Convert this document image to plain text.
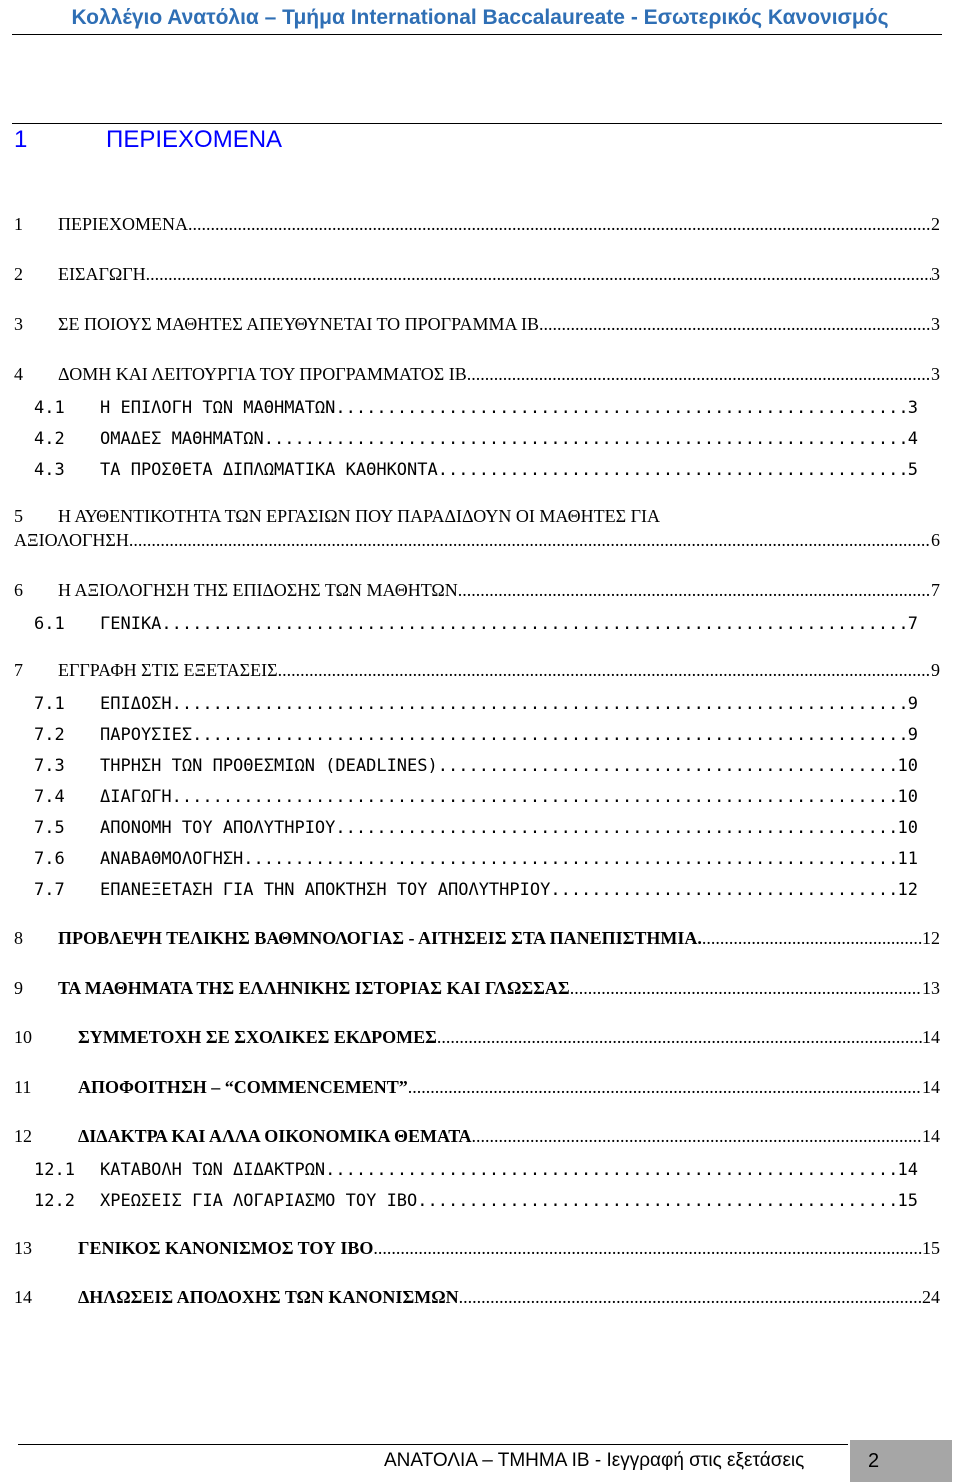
Κολλέγιο Ανατόλια – Τμήμα International Baccalaureate - Εσωτερικός Κανονισμός
1	ΠΕΡΙΕΧΟΜΕΝΑ
1	ΠΕΡΙΕΧΟΜΕΝΑ .....	2
2	ΕΙΣΑΓΩΓΗ .....	3
3	ΣΕ ΠΟΙΟΥΣ ΜΑΘΗΤΕΣ ΑΠΕΥΘΥΝΕΤΑΙ ΤΟ ΠΡΟΓΡΑΜΜΑ IB .....	3
4	ΔΟΜΗ ΚΑΙ ΛΕΙΤΟΥΡΓΙΑ ΤΟΥ ΠΡΟΓΡΑΜΜΑΤΟΣ IB .....	3
4.1	Η ΕΠΙΛΟΓΗ ΤΩΝ ΜΑΘΗΜΑΤΩΝ .....	3
4.2	ΟΜΑΔΕΣ ΜΑΘΗΜΑΤΩΝ .....	4
4.3	ΤΑ ΠΡΟΣΘΕΤΑ ΔΙΠΛΩΜΑΤΙΚΑ ΚΑΘΗΚΟΝΤΑ .....	5
5	Η ΑΥΘΕΝΤΙΚΟΤΗΤΑ ΤΩΝ ΕΡΓΑΣΙΩΝ ΠΟΥ ΠΑΡΑΔΙΔΟΥΝ ΟΙ ΜΑΘΗΤΕΣ ΓΙΑ
ΑΞΙΟΛΟΓΗΣΗ .....	6
6	Η ΑΞΙΟΛΟΓΗΣΗ ΤΗΣ ΕΠΙΔΟΣΗΣ ΤΩΝ ΜΑΘΗΤΩΝ .....	7
6.1	ΓΕΝΙΚΑ .....	7
7	ΕΓΓΡΑΦΗ ΣΤΙΣ ΕΞΕΤΑΣΕΙΣ .....	9
7.1	ΕΠΙΔΟΣΗ .....	9
7.2	ΠΑΡΟΥΣΙΕΣ .....	9
7.3	ΤΗΡΗΣΗ ΤΩΝ ΠΡΟΘΕΣΜΙΩΝ (DEADLINES) .....	10
7.4	ΔΙΑΓΩΓΗ .....	10
7.5	ΑΠΟΝΟΜΗ ΤΟΥ ΑΠΟΛΥΤΗΡΙΟΥ. .....	10
7.6	ΑΝΑΒΑΘΜΟΛΟΓΗΣΗ .....	11
7.7	ΕΠΑΝΕΞΕΤΑΣΗ ΓΙΑ ΤΗΝ ΑΠΟΚΤΗΣΗ ΤΟΥ ΑΠΟΛΥΤΗΡΙΟΥ .....	12
8	ΠΡΟΒΛΕΨΗ ΤΕΛΙΚΗΣ ΒΑΘΜΝΟΛΟΓΙΑΣ - ΑΙΤΗΣΕΙΣ ΣΤΑ ΠΑΝΕΠΙΣΤΗΜΙΑ. .....	12
9	ΤΑ ΜΑΘΗΜΑΤΑ ΤΗΣ ΕΛΛΗΝΙΚΗΣ ΙΣΤΟΡΙΑΣ ΚΑΙ ΓΛΩΣΣΑΣ .....	13
10	ΣΥΜΜΕΤΟΧΗ ΣΕ ΣΧΟΛΙΚΕΣ ΕΚΔΡΟΜΕΣ .....	14
11	ΑΠΟΦΟΙΤΗΣΗ – “COMMENCEMENT” .....	14
12	ΔΙΔΑΚΤΡΑ ΚΑΙ ΑΛΛΑ ΟΙΚΟΝΟΜΙΚΑ ΘΕΜΑΤΑ .....	14
12.1	ΚΑΤΑΒΟΛΗ ΤΩΝ ΔΙΔΑΚΤΡΩΝ. .....	14
12.2	ΧΡΕΩΣΕΙΣ ΓΙΑ ΛΟΓΑΡΙΑΣΜΟ ΤΟΥ IBO .....	15
13	ΓΕΝΙΚΟΣ ΚΑΝΟΝΙΣΜΟΣ ΤΟΥ IBO .....	15
14	ΔΗΛΩΣΕΙΣ ΑΠΟΔΟΧΗΣ ΤΩΝ ΚΑΝΟΝΙΣΜΩΝ .....	24
ΑΝΑΤΟΛΙΑ – ΤΜΗΜΑ IB - Ιεγγραφή στις εξετάσεις	2
